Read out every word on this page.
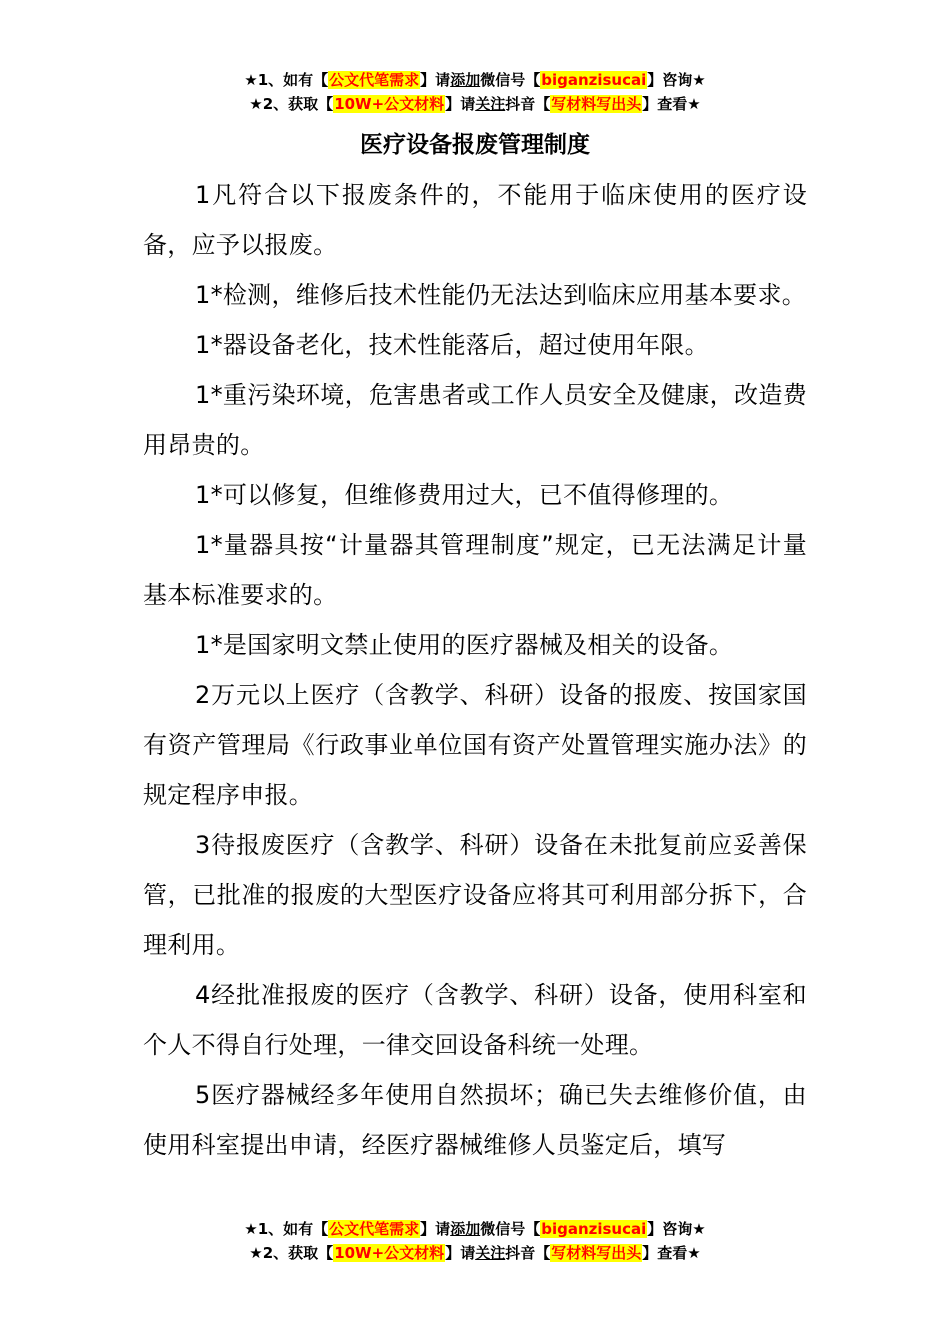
★1、如有【公文代笔需求】请添加微信号【biganzisucai】咨询★
★2、获取【10W+公文材料】请关注抖音【写材料写出头】查看★
医疗设备报废管理制度

1凡符合以下报废条件的，不能用于临床使用的医疗设备，应予以报废。

1*检测，维修后技术性能仍无法达到临床应用基本要求。

1*器设备老化，技术性能落后，超过使用年限。

1*重污染环境，危害患者或工作人员安全及健康，改造费用昂贵的。

1*可以修复，但维修费用过大，已不值得修理的。

1*量器具按“计量器其管理制度”规定，已无法满足计量基本标准要求的。

1*是国家明文禁止使用的医疗器械及相关的设备。

2万元以上医疗（含教学、科研）设备的报废、按国家国有资产管理局《行政事业单位国有资产处置管理实施办法》的规定程序申报。

3待报废医疗（含教学、科研）设备在未批复前应妥善保管，已批准的报废的大型医疗设备应将其可利用部分拆下，合理利用。

4经批准报废的医疗（含教学、科研）设备，使用科室和个人不得自行处理，一律交回设备科统一处理。

5医疗器械经多年使用自然损坏；确已失去维修价值，由使用科室提出申请，经医疗器械维修人员鉴定后，填写

★1、如有【公文代笔需求】请添加微信号【biganzisucai】咨询★
★2、获取【10W+公文材料】请关注抖音【写材料写出头】查看★
